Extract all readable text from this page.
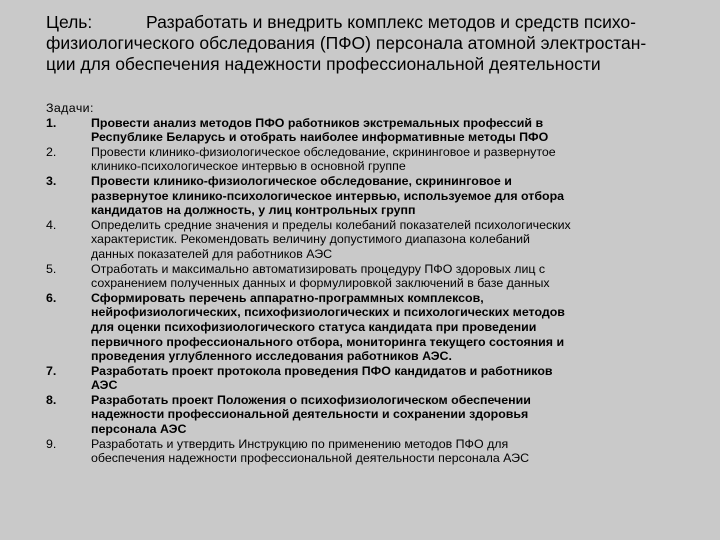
Цель:	Разработать и внедрить комплекс методов и средств психо-
физиологического обследования (ПФО) персонала атомной электростан-
ции для обеспечения надежности профессиональной деятельности
Задачи:
1.	Провести анализ методов ПФО работников экстремальных профессий в
Республике Беларусь и отобрать наиболее информативные методы ПФО
2.	Провести клинико-физиологическое обследование, скрининговое и развернутое
клинико-психологическое интервью в основной группе
3.	Провести клинико-физиологическое обследование, скрининговое и
развернутое клинико-психологическое интервью, используемое для отбора
кандидатов на должность, у лиц контрольных групп
4.	Определить средние значения и пределы колебаний показателей психологических
характеристик. Рекомендовать величину допустимого диапазона колебаний
данных показателей для работников АЭС
5.	Отработать и максимально автоматизировать процедуру ПФО здоровых лиц с
сохранением полученных данных и формулировкой заключений в базе данных
6.	Сформировать перечень аппаратно-программных комплексов,
нейрофизиологических, психофизиологических и психологических методов
для оценки психофизиологического статуса кандидата при проведении
первичного профессионального отбора, мониторинга текущего состояния и
проведения углубленного исследования работников АЭС.
7.	Разработать проект протокола проведения ПФО кандидатов и работников
АЭС
8.	Разработать проект Положения о психофизиологическом обеспечении
надежности профессиональной деятельности и сохранении здоровья
персонала АЭС
9.	Разработать и утвердить Инструкцию по применению методов ПФО для
обеспечения надежности профессиональной деятельности персонала АЭС
